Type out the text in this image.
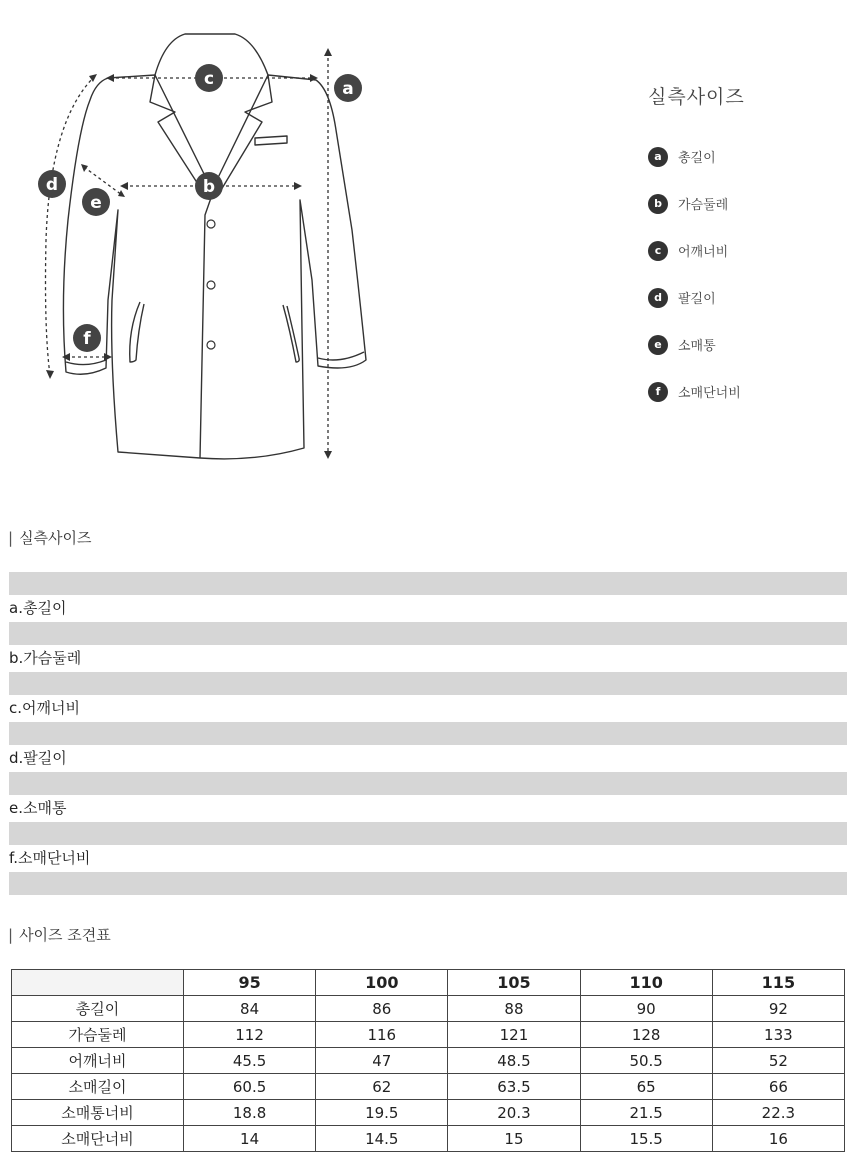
c	a
b
d
e
f
실측사이즈
a	총길이
b	가슴둘레
c	어깨너비
d	팔길이
e	소매통
f	소매단너비
| 실측사이즈
a.총길이
b.가슴둘레
c.어깨너비
d.팔길이
e.소매통
f.소매단너비
| 사이즈 조견표
	95	100	105	110	115
총길이	84	86	88	90	92
가슴둘레	112	116	121	128	133
어깨너비	45.5	47	48.5	50.5	52
소매길이	60.5	62	63.5	65	66
소매통너비	18.8	19.5	20.3	21.5	22.3
소매단너비	14	14.5	15	15.5	16
